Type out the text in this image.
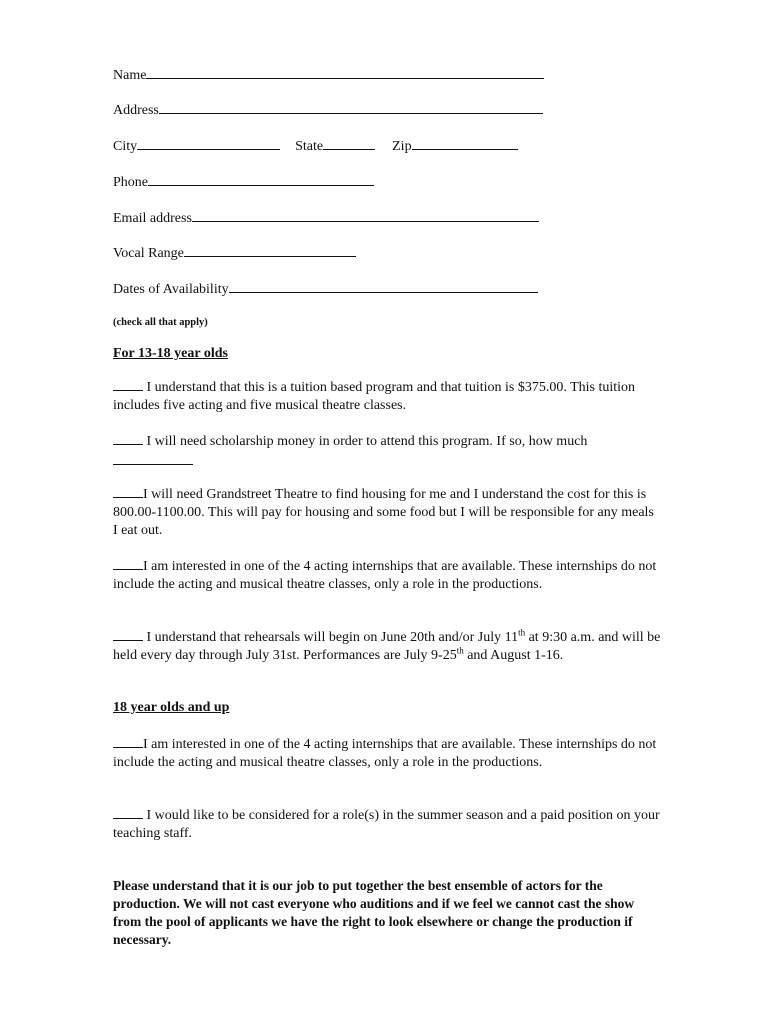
Name
Address
City	State	Zip
Phone
Email address
Vocal Range
Dates of Availability
(check all that apply)
For 13-18 year olds
I understand that this is a tuition based program and that tuition is $375.00. This tuition includes five acting and five musical theatre classes.
I will need scholarship money in order to attend this program. If so, how much
I will need Grandstreet Theatre to find housing for me and I understand the cost for this is 800.00-1100.00. This will pay for housing and some food but I will be responsible for any meals I eat out.
I am interested in one of the 4 acting internships that are available. These internships do not include the acting and musical theatre classes, only a role in the productions.
I understand that rehearsals will begin on June 20th and/or July 11th at 9:30 a.m. and will be held every day through July 31st. Performances are July 9-25th and August 1-16.
18 year olds and up
I am interested in one of the 4 acting internships that are available. These internships do not include the acting and musical theatre classes, only a role in the productions.
I would like to be considered for a role(s) in the summer season and a paid position on your teaching staff.
Please understand that it is our job to put together the best ensemble of actors for the production. We will not cast everyone who auditions and if we feel we cannot cast the show from the pool of applicants we have the right to look elsewhere or change the production if necessary.
